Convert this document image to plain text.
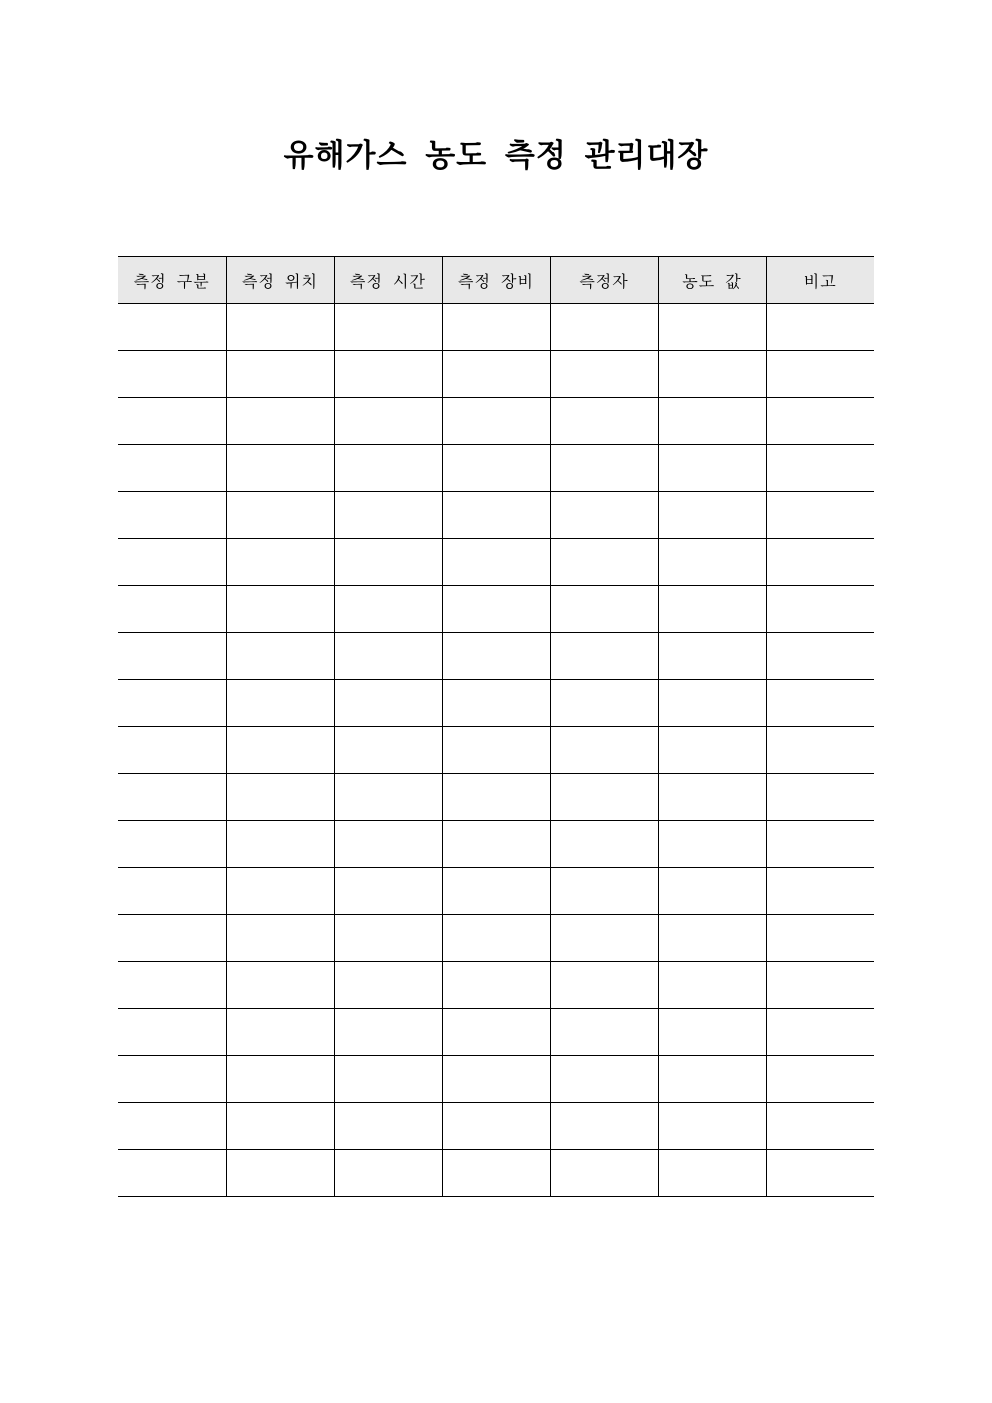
유해가스 농도 측정 관리대장
측정 구분	측정 위치	측정 시간	측정 장비	측정자	농도 값	비고
